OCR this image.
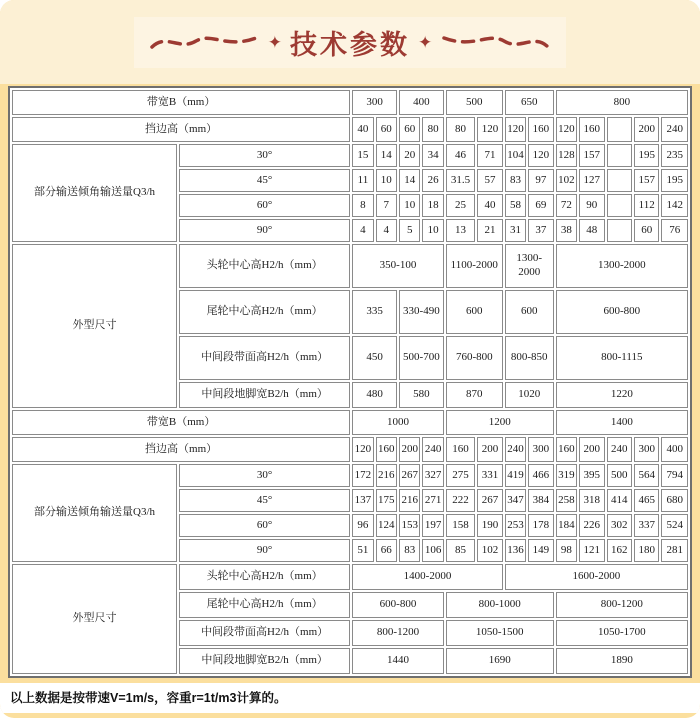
✦ 技术参数 ✦
带宽B（mm）		300		400		500		650		800				
挡边高（mm）		40	60	60	80	80	120	120	160	120	160		200	240
部分输送倾角输送量Q3/h	30°	15	14	20	34	46	71	104	120	128	157		195	235
	45°	11	10	14	26	31.5	57	83	97	102	127		157	195
	60°	8	7	10	18	25	40	58	69	72	90		112	142
	90°	4	4	5	10	13	21	31	37	38	48		60	76
外型尺寸	头轮中心高H2/h（mm）	350-100				1100-2000		1300-2000		1300-2000				
	尾轮中心高H2/h（mm）	335		330-490		600		600		600-800				
	中间段带面高H2/h（mm）	450		500-700		760-800		800-850		800-1115				
	中间段地脚宽B2/h（mm）	480		580		870		1020		1220				
带宽B（mm）		1000				1200				1400				
挡边高（mm）		120	160	200	240	160	200	240	300	160	200	240	300	400
部分输送倾角输送量Q3/h	30°	172	216	267	327	275	331	419	466	319	395	500	564	794
	45°	137	175	216	271	222	267	347	384	258	318	414	465	680
	60°	96	124	153	197	158	190	253	178	184	226	302	337	524
	90°	51	66	83	106	85	102	136	149	98	121	162	180	281
外型尺寸	头轮中心高H2/h（mm）	1400-2000						1600-2000						
	尾轮中心高H2/h（mm）	600-800				800-1000				800-1200				
	中间段带面高H2/h（mm）	800-1200				1050-1500				1050-1700				
	中间段地脚宽B2/h（mm）	1440				1690				1890				
以上数据是按带速V=1m/s，容重r=1t/m3计算的。
